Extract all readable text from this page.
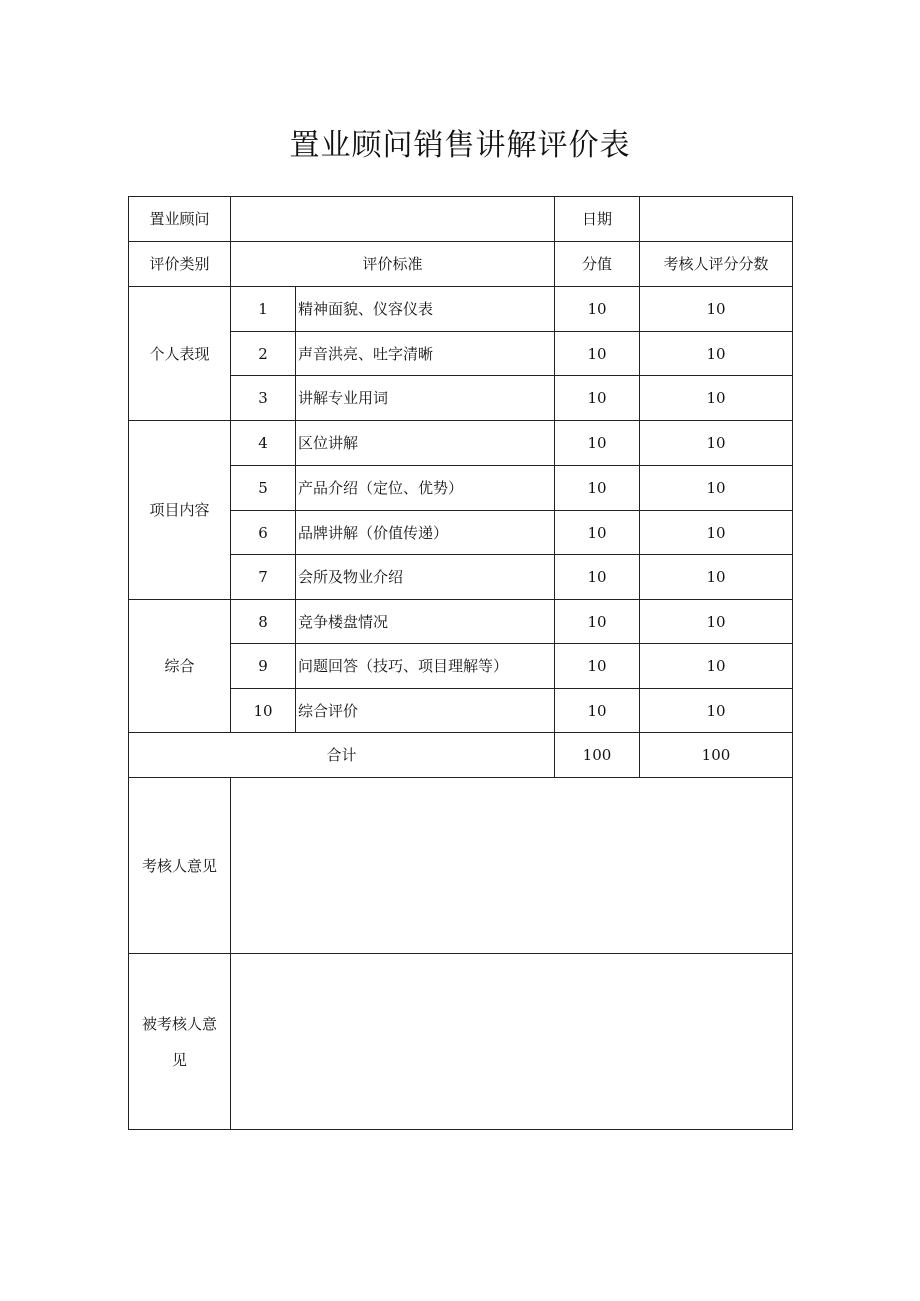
置业顾问销售讲解评价表
置业顾问			日期	
评价类别	评价标准		分值	考核人评分分数
个人表现	1	精神面貌、仪容仪表	10	10
	2	声音洪亮、吐字清晰	10	10
	3	讲解专业用词	10	10
项目内容	4	区位讲解	10	10
	5	产品介绍（定位、优势）	10	10
	6	品牌讲解（价值传递）	10	10
	7	会所及物业介绍	10	10
综合	8	竞争楼盘情况	10	10
	9	问题回答（技巧、项目理解等）	10	10
	10	综合评价	10	10
合计			100	100
考核人意见				
被考核人意见				
